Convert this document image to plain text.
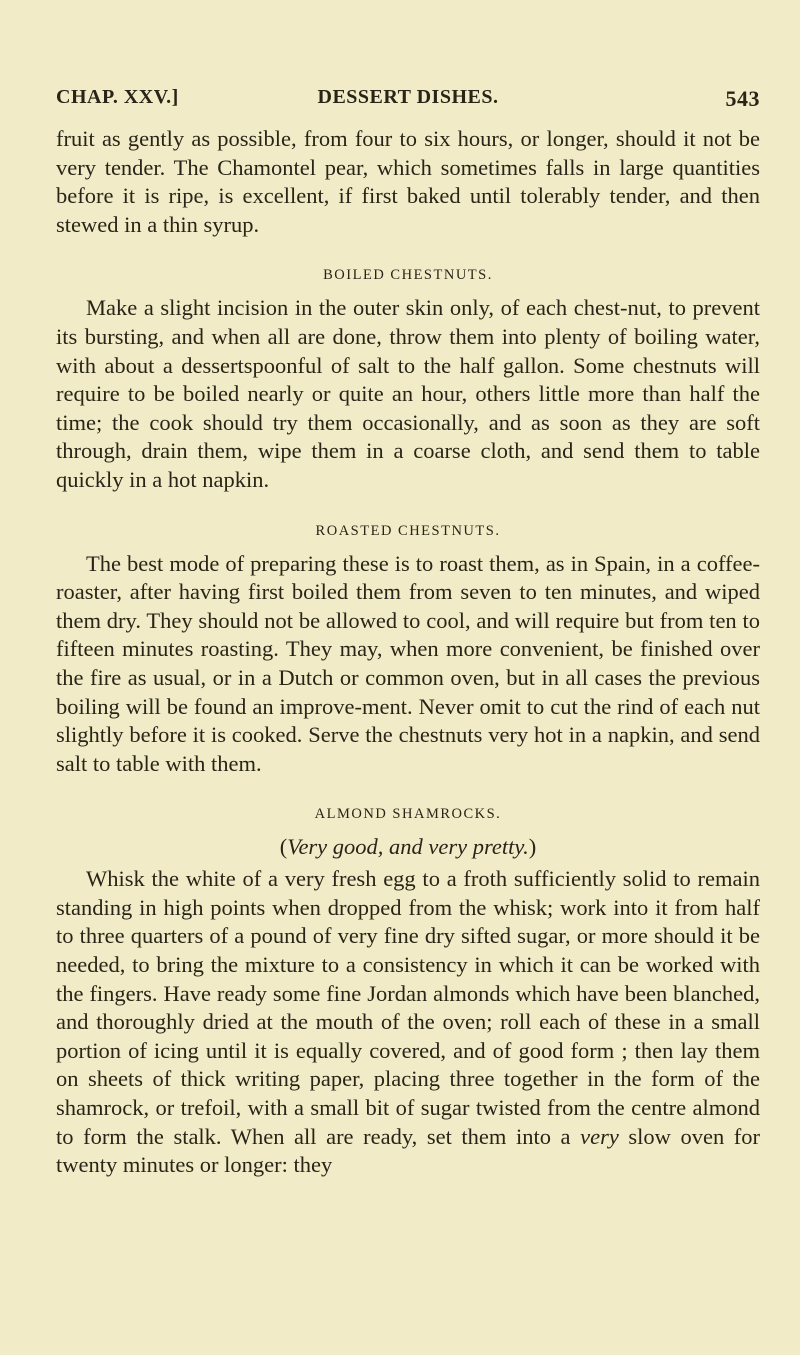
CHAP. XXV.]	DESSERT DISHES.	543

fruit as gently as possible, from four to six hours, or longer, should it not be very tender. The Chamontel pear, which sometimes falls in large quantities before it is ripe, is excellent, if first baked until tolerably tender, and then stewed in a thin syrup.

BOILED CHESTNUTS.

Make a slight incision in the outer skin only, of each chest-nut, to prevent its bursting, and when all are done, throw them into plenty of boiling water, with about a dessertspoonful of salt to the half gallon. Some chestnuts will require to be boiled nearly or quite an hour, others little more than half the time; the cook should try them occasionally, and as soon as they are soft through, drain them, wipe them in a coarse cloth, and send them to table quickly in a hot napkin.

ROASTED CHESTNUTS.

The best mode of preparing these is to roast them, as in Spain, in a coffee-roaster, after having first boiled them from seven to ten minutes, and wiped them dry. They should not be allowed to cool, and will require but from ten to fifteen minutes roasting. They may, when more convenient, be finished over the fire as usual, or in a Dutch or common oven, but in all cases the previous boiling will be found an improve-ment. Never omit to cut the rind of each nut slightly before it is cooked. Serve the chestnuts very hot in a napkin, and send salt to table with them.

ALMOND SHAMROCKS.
(Very good, and very pretty.)

Whisk the white of a very fresh egg to a froth sufficiently solid to remain standing in high points when dropped from the whisk; work into it from half to three quarters of a pound of very fine dry sifted sugar, or more should it be needed, to bring the mixture to a consistency in which it can be worked with the fingers. Have ready some fine Jordan almonds which have been blanched, and thoroughly dried at the mouth of the oven; roll each of these in a small portion of icing until it is equally covered, and of good form ; then lay them on sheets of thick writing paper, placing three together in the form of the shamrock, or trefoil, with a small bit of sugar twisted from the centre almond to form the stalk. When all are ready, set them into a very slow oven for twenty minutes or longer: they
